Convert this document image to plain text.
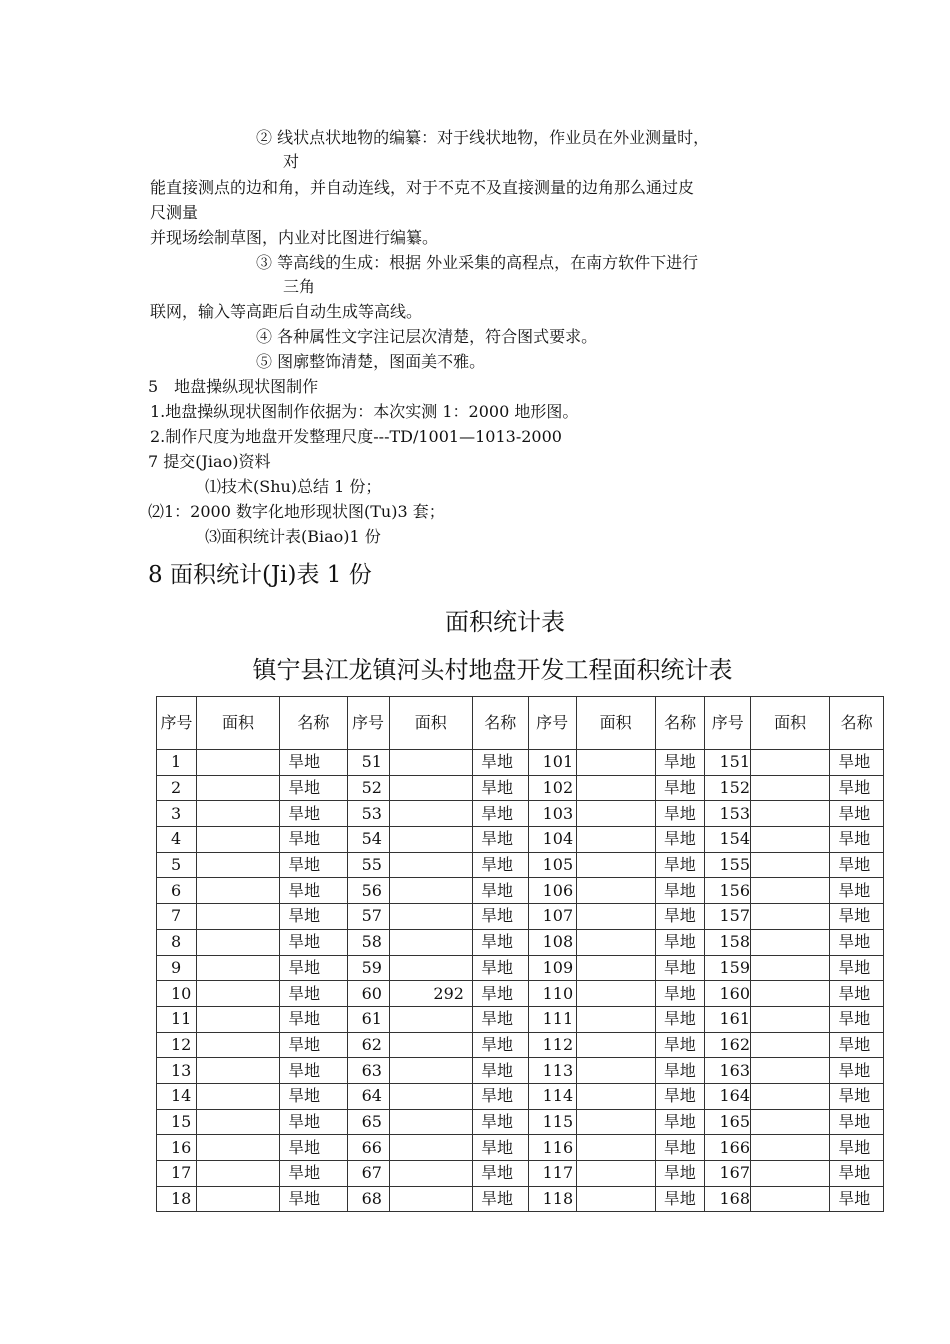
② 线状点状地物的编纂：对于线状地物，作业员在外业测量时，
对
能直接测点的边和角，并自动连线，对于不克不及直接测量的边角那么通过皮
尺测量
并现场绘制草图，内业对比图进行编纂。
③ 等高线的生成：根据 外业采集的高程点，在南方软件下进行
三角
联网，输入等高距后自动生成等高线。
④ 各种属性文字注记层次清楚，符合图式要求。
⑤ 图廓整饰清楚，图面美不雅。
5　地盘操纵现状图制作
1.地盘操纵现状图制作依据为：本次实测 1：2000 地形图。
2.制作尺度为地盘开发整理尺度---TD/1001—1013-2000
7 提交(Jiao)资料
⑴技术(Shu)总结 1 份；
⑵1：2000 数字化地形现状图(Tu)3 套；
⑶面积统计表(Biao)1 份
8 面积统计(Ji)表 1 份
面积统计表
镇宁县江龙镇河头村地盘开发工程面积统计表
序号	面积	名称	序号	面积	名称	序号	面积	名称	序号	面积	名称
1		旱地	51		旱地	101		旱地	151		旱地
2		旱地	52		旱地	102		旱地	152		旱地
3		旱地	53		旱地	103		旱地	153		旱地
4		旱地	54		旱地	104		旱地	154		旱地
5		旱地	55		旱地	105		旱地	155		旱地
6		旱地	56		旱地	106		旱地	156		旱地
7		旱地	57		旱地	107		旱地	157		旱地
8		旱地	58		旱地	108		旱地	158		旱地
9		旱地	59		旱地	109		旱地	159		旱地
10		旱地	60	292	旱地	110		旱地	160		旱地
11		旱地	61		旱地	111		旱地	161		旱地
12		旱地	62		旱地	112		旱地	162		旱地
13		旱地	63		旱地	113		旱地	163		旱地
14		旱地	64		旱地	114		旱地	164		旱地
15		旱地	65		旱地	115		旱地	165		旱地
16		旱地	66		旱地	116		旱地	166		旱地
17		旱地	67		旱地	117		旱地	167		旱地
18		旱地	68		旱地	118		旱地	168		旱地
